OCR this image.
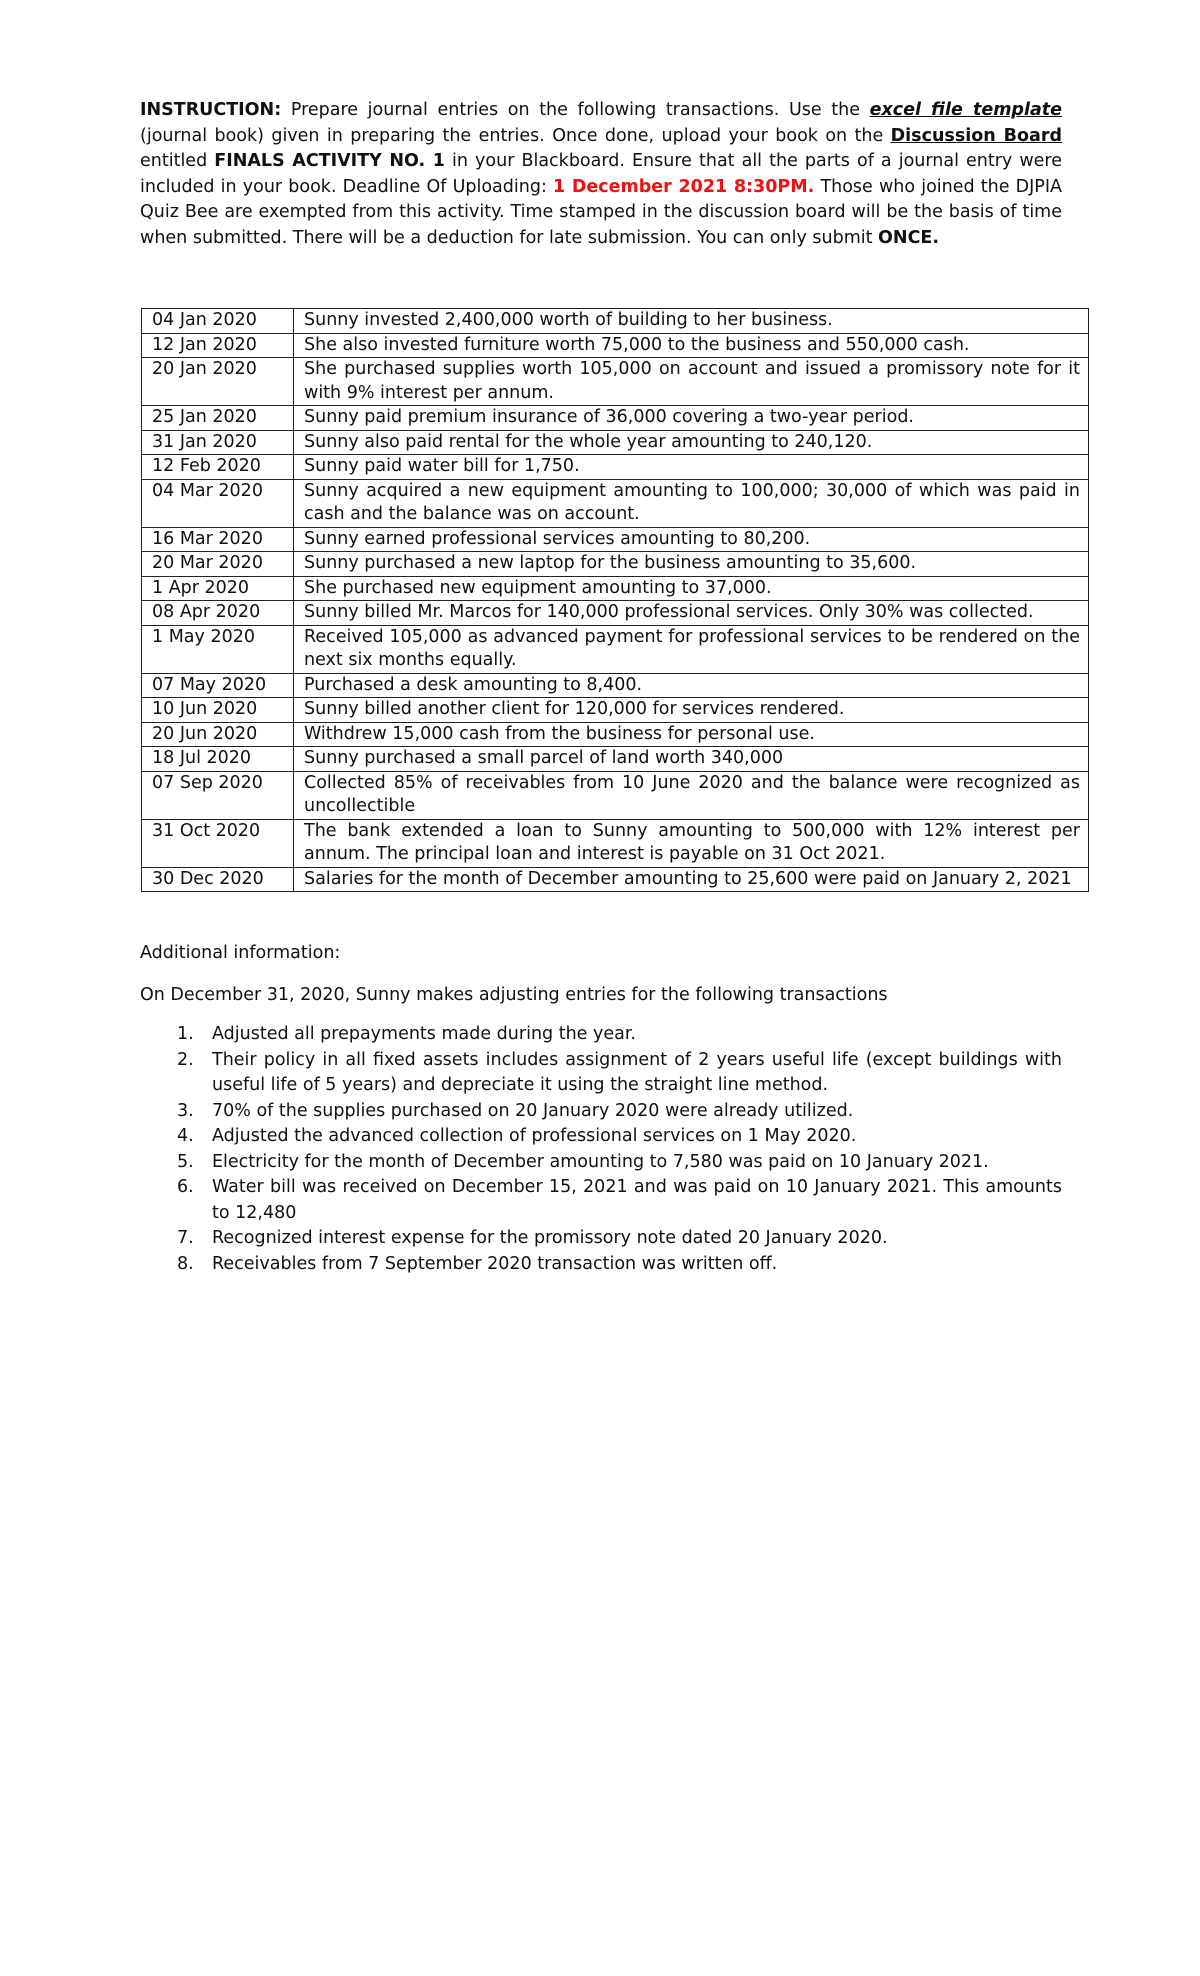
INSTRUCTION: Prepare journal entries on the following transactions. Use the excel file template (journal book) given in preparing the entries. Once done, upload your book on the Discussion Board entitled FINALS ACTIVITY NO. 1 in your Blackboard. Ensure that all the parts of a journal entry were included in your book. Deadline Of Uploading: 1 December 2021 8:30PM. Those who joined the DJPIA Quiz Bee are exempted from this activity. Time stamped in the discussion board will be the basis of time when submitted. There will be a deduction for late submission. You can only submit ONCE.

04 Jan 2020	Sunny invested 2,400,000 worth of building to her business.
12 Jan 2020	She also invested furniture worth 75,000 to the business and 550,000 cash.
20 Jan 2020	She purchased supplies worth 105,000 on account and issued a promissory note for it with 9% interest per annum.
25 Jan 2020	Sunny paid premium insurance of 36,000 covering a two-year period.
31 Jan 2020	Sunny also paid rental for the whole year amounting to 240,120.
12 Feb 2020	Sunny paid water bill for 1,750.
04 Mar 2020	Sunny acquired a new equipment amounting to 100,000; 30,000 of which was paid in cash and the balance was on account.
16 Mar 2020	Sunny earned professional services amounting to 80,200.
20 Mar 2020	Sunny purchased a new laptop for the business amounting to 35,600.
1 Apr 2020	She purchased new equipment amounting to 37,000.
08 Apr 2020	Sunny billed Mr. Marcos for 140,000 professional services. Only 30% was collected.
1 May 2020	Received 105,000 as advanced payment for professional services to be rendered on the next six months equally.
07 May 2020	Purchased a desk amounting to 8,400.
10 Jun 2020	Sunny billed another client for 120,000 for services rendered.
20 Jun 2020	Withdrew 15,000 cash from the business for personal use.
18 Jul 2020	Sunny purchased a small parcel of land worth 340,000
07 Sep 2020	Collected 85% of receivables from 10 June 2020 and the balance were recognized as uncollectible
31 Oct 2020	The bank extended a loan to Sunny amounting to 500,000 with 12% interest per annum. The principal loan and interest is payable on 31 Oct 2021.
30 Dec 2020	Salaries for the month of December amounting to 25,600 were paid on January 2, 2021

Additional information:

On December 31, 2020, Sunny makes adjusting entries for the following transactions

1. Adjusted all prepayments made during the year.
2. Their policy in all fixed assets includes assignment of 2 years useful life (except buildings with useful life of 5 years) and depreciate it using the straight line method.
3. 70% of the supplies purchased on 20 January 2020 were already utilized.
4. Adjusted the advanced collection of professional services on 1 May 2020.
5. Electricity for the month of December amounting to 7,580 was paid on 10 January 2021.
6. Water bill was received on December 15, 2021 and was paid on 10 January 2021. This amounts to 12,480
7. Recognized interest expense for the promissory note dated 20 January 2020.
8. Receivables from 7 September 2020 transaction was written off.
